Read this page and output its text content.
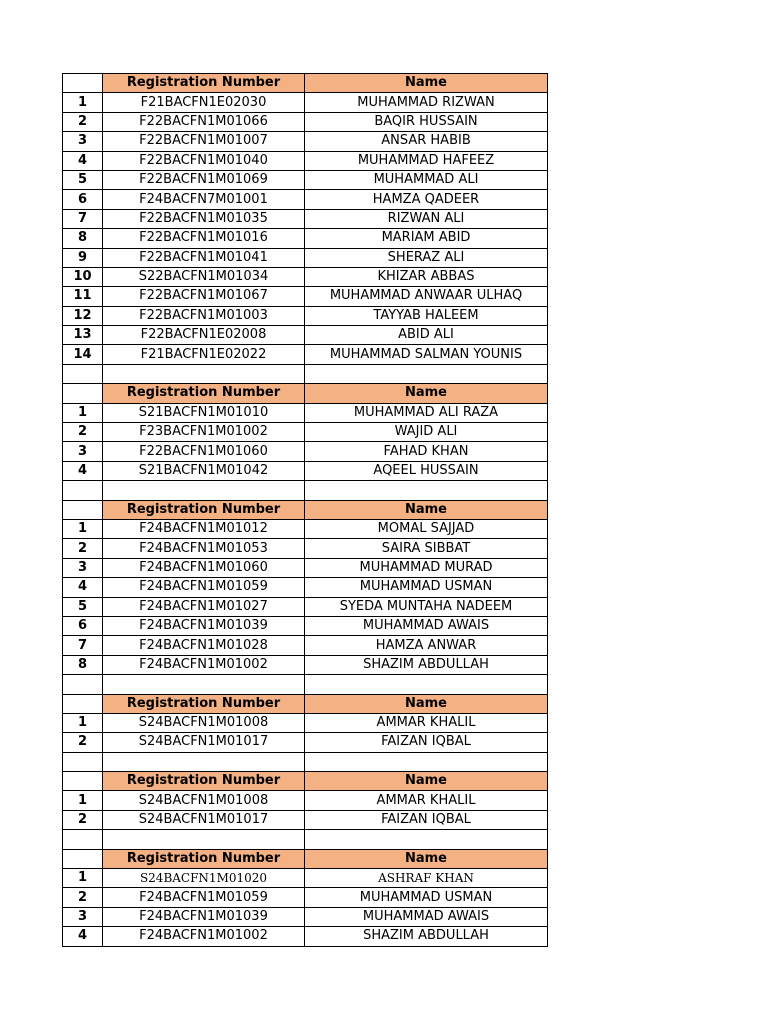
	Registration Number	Name
1	F21BACFN1E02030	MUHAMMAD RIZWAN
2	F22BACFN1M01066	BAQIR HUSSAIN
3	F22BACFN1M01007	ANSAR HABIB
4	F22BACFN1M01040	MUHAMMAD HAFEEZ
5	F22BACFN1M01069	MUHAMMAD ALI
6	F24BACFN7M01001	HAMZA QADEER
7	F22BACFN1M01035	RIZWAN ALI
8	F22BACFN1M01016	MARIAM ABID
9	F22BACFN1M01041	SHERAZ ALI
10	S22BACFN1M01034	KHIZAR ABBAS
11	F22BACFN1M01067	MUHAMMAD ANWAAR ULHAQ
12	F22BACFN1M01003	TAYYAB HALEEM
13	F22BACFN1E02008	ABID ALI
14	F21BACFN1E02022	MUHAMMAD SALMAN YOUNIS

	Registration Number	Name
1	S21BACFN1M01010	MUHAMMAD ALI RAZA
2	F23BACFN1M01002	WAJID ALI
3	F22BACFN1M01060	FAHAD KHAN
4	S21BACFN1M01042	AQEEL HUSSAIN

	Registration Number	Name
1	F24BACFN1M01012	MOMAL SAJJAD
2	F24BACFN1M01053	SAIRA SIBBAT
3	F24BACFN1M01060	MUHAMMAD MURAD
4	F24BACFN1M01059	MUHAMMAD USMAN
5	F24BACFN1M01027	SYEDA MUNTAHA NADEEM
6	F24BACFN1M01039	MUHAMMAD AWAIS
7	F24BACFN1M01028	HAMZA ANWAR
8	F24BACFN1M01002	SHAZIM ABDULLAH

	Registration Number	Name
1	S24BACFN1M01008	AMMAR KHALIL
2	S24BACFN1M01017	FAIZAN IQBAL

	Registration Number	Name
1	S24BACFN1M01008	AMMAR KHALIL
2	S24BACFN1M01017	FAIZAN IQBAL

	Registration Number	Name
1	S24BACFN1M01020	ASHRAF KHAN
2	F24BACFN1M01059	MUHAMMAD USMAN
3	F24BACFN1M01039	MUHAMMAD AWAIS
4	F24BACFN1M01002	SHAZIM ABDULLAH
